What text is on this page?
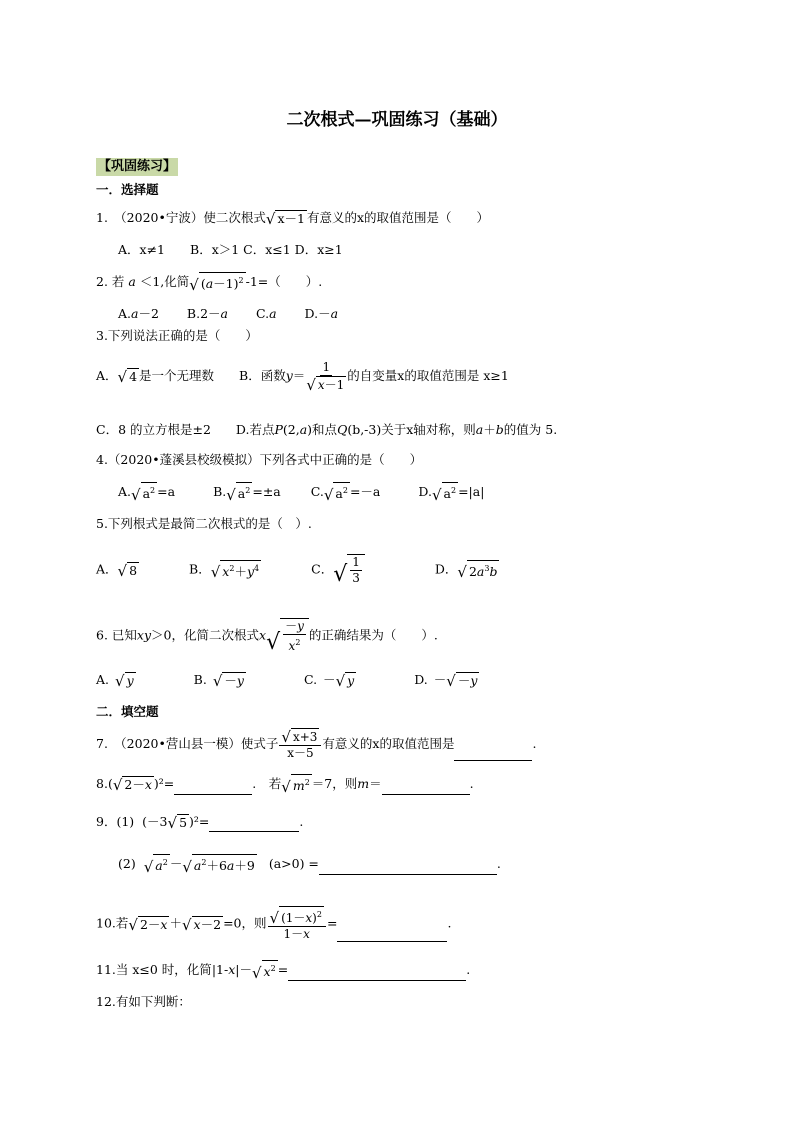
二次根式—巩固练习（基础）
【巩固练习】
一．选择题
1.　（2020•宁波）使二次根式 √ x－1 有意义的x的取值范围是（　　）
A．x≠1　　B．x＞1 C．x≤1 D．x≥1
2. 若 a ＜1,化简 √ $(a-1)^2$ -1=（　　）.
A.a－2 B.2－a C.a D.－a
3.下列说法正确的是（　　）
A． √ 4 是一个无理数　　B．函数$y= \frac{1}{√ x-1}$ 的自变量x的取值范围是 x≥1
C．8 的立方根是±2　　D.若点P(2,a)和点Q(b,-3)关于x轴对称，则a＋b的值为 5.
4.（2020•蓬溪县校级模拟）下列各式中正确的是（　　）
A. √ $a^2 =a$	B. √ $a^2 =\pm a$ C. √ $a^2 =-a$	D. √ $a^2 =|a|$
5.下列根式是最简二次根式的是（　）.
A． √ 8	B． √ $x^2+y^4$	C． √ $\frac{1}{3}$	D． √ $2a^3b$
6. 已知xy＞0，化简二次根式x √ $\frac{-y}{x^2}$ 的正确结果为（　　）.
A. √ y	B. √ －y	C. － √ y	D. － √ －y
二．填空题
7.　（2020•营山县一模）使式子 $\frac{√ x+3}{x-5}$ 有意义的x的取值范围是	.
8.( √ 2－x )²=	.　若 √ $m^2 =7$，则m＝	.
9．(1) (－3 √ 5 )²=	.
(2) √ $a^2$ － √ $a^2+6a+9$ (a>0) =	.
10.若 √ 2－x ＋ √ x－2 =0，则 $\frac{√ (1-x)^2}{1-x}$ =	.
11.当 x≤0 时，化简|1-x|－ √ $x^2$ =	.
12.有如下判断：
